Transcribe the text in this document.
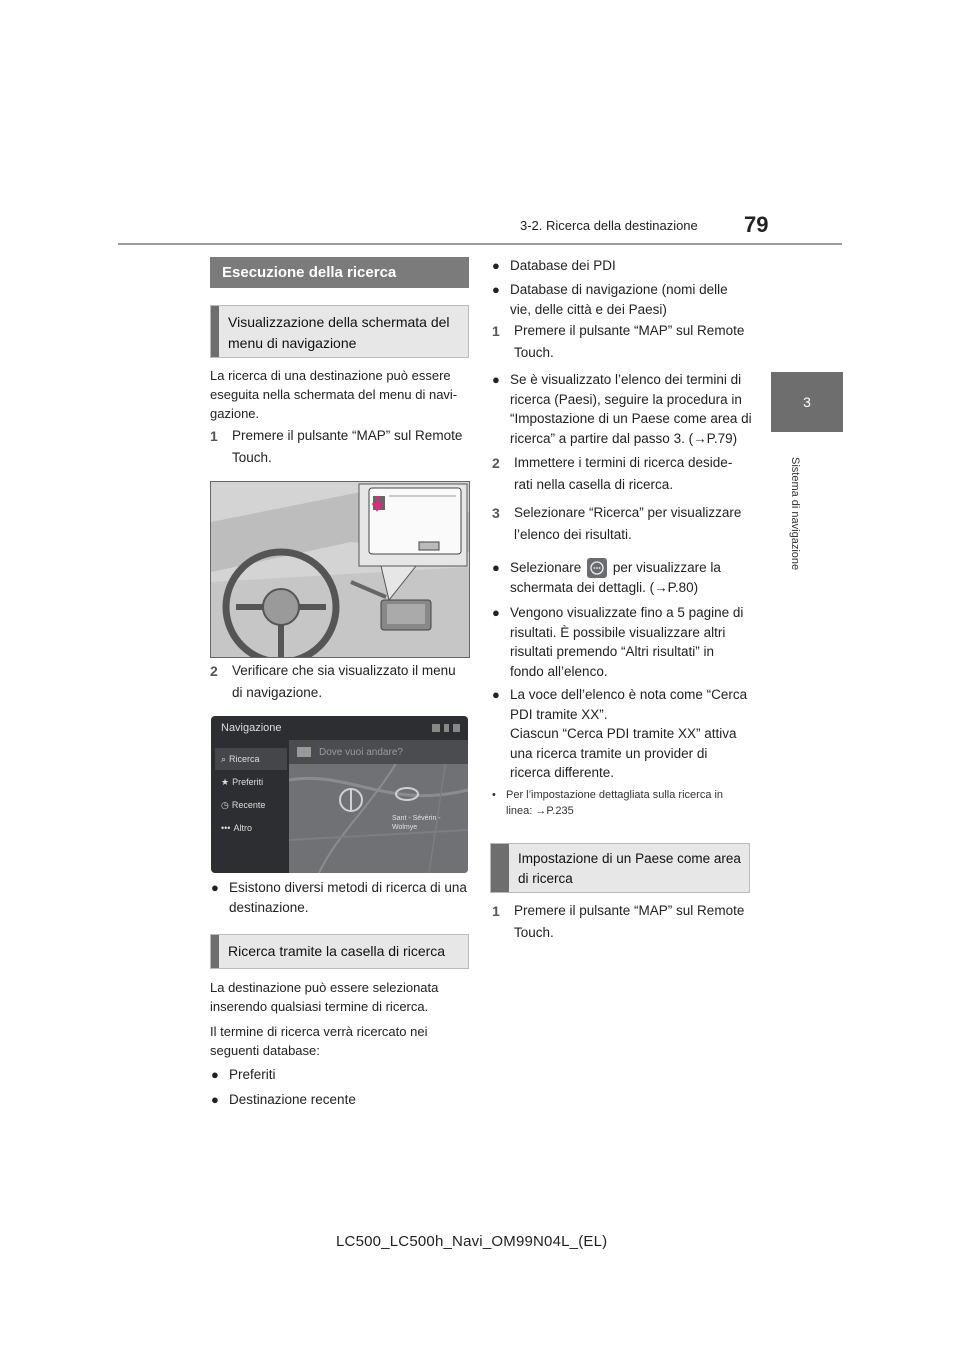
3-2. Ricerca della destinazione 79
3
Sistema di navigazione
Esecuzione della ricerca
Visualizzazione della schermata del
menu di navigazione
La ricerca di una destinazione può essere
eseguita nella schermata del menu di navi-
gazione.
1 Premere il pulsante “MAP” sul Remote
Touch.
2 Verificare che sia visualizzato il menu
di navigazione.
Navigazione
Sant - Sévérin -
Wolmye
Dove vuoi andare?
⌕ Ricerca
★ Preferiti
◷ Recente
••• Altro
● Esistono diversi metodi di ricerca di una
destinazione.
Ricerca tramite la casella di ricerca
La destinazione può essere selezionata
inserendo qualsiasi termine di ricerca.
Il termine di ricerca verrà ricercato nei
seguenti database:
● Preferiti
● Destinazione recente
● Database dei PDI
● Database di navigazione (nomi delle
vie, delle città e dei Paesi)
1 Premere il pulsante “MAP” sul Remote
Touch.
● Se è visualizzato l’elenco dei termini di
ricerca (Paesi), seguire la procedura in
“Impostazione di un Paese come area di
ricerca” a partire dal passo 3. (→P.79)
2 Immettere i termini di ricerca deside-
rati nella casella di ricerca.
3 Selezionare “Ricerca” per visualizzare
l’elenco dei risultati.
● Selezionare per visualizzare la
schermata dei dettagli. (→P.80)
● Vengono visualizzate fino a 5 pagine di
risultati. È possibile visualizzare altri
risultati premendo “Altri risultati” in
fondo all’elenco.
● La voce dell’elenco è nota come “Cerca
PDI tramite XX”.
Ciascun “Cerca PDI tramite XX” attiva
una ricerca tramite un provider di
ricerca differente.
• Per l’impostazione dettagliata sulla ricerca in
linea: →P.235
Impostazione di un Paese come area
di ricerca
1 Premere il pulsante “MAP” sul Remote
Touch.
LC500_LC500h_Navi_OM99N04L_(EL)
